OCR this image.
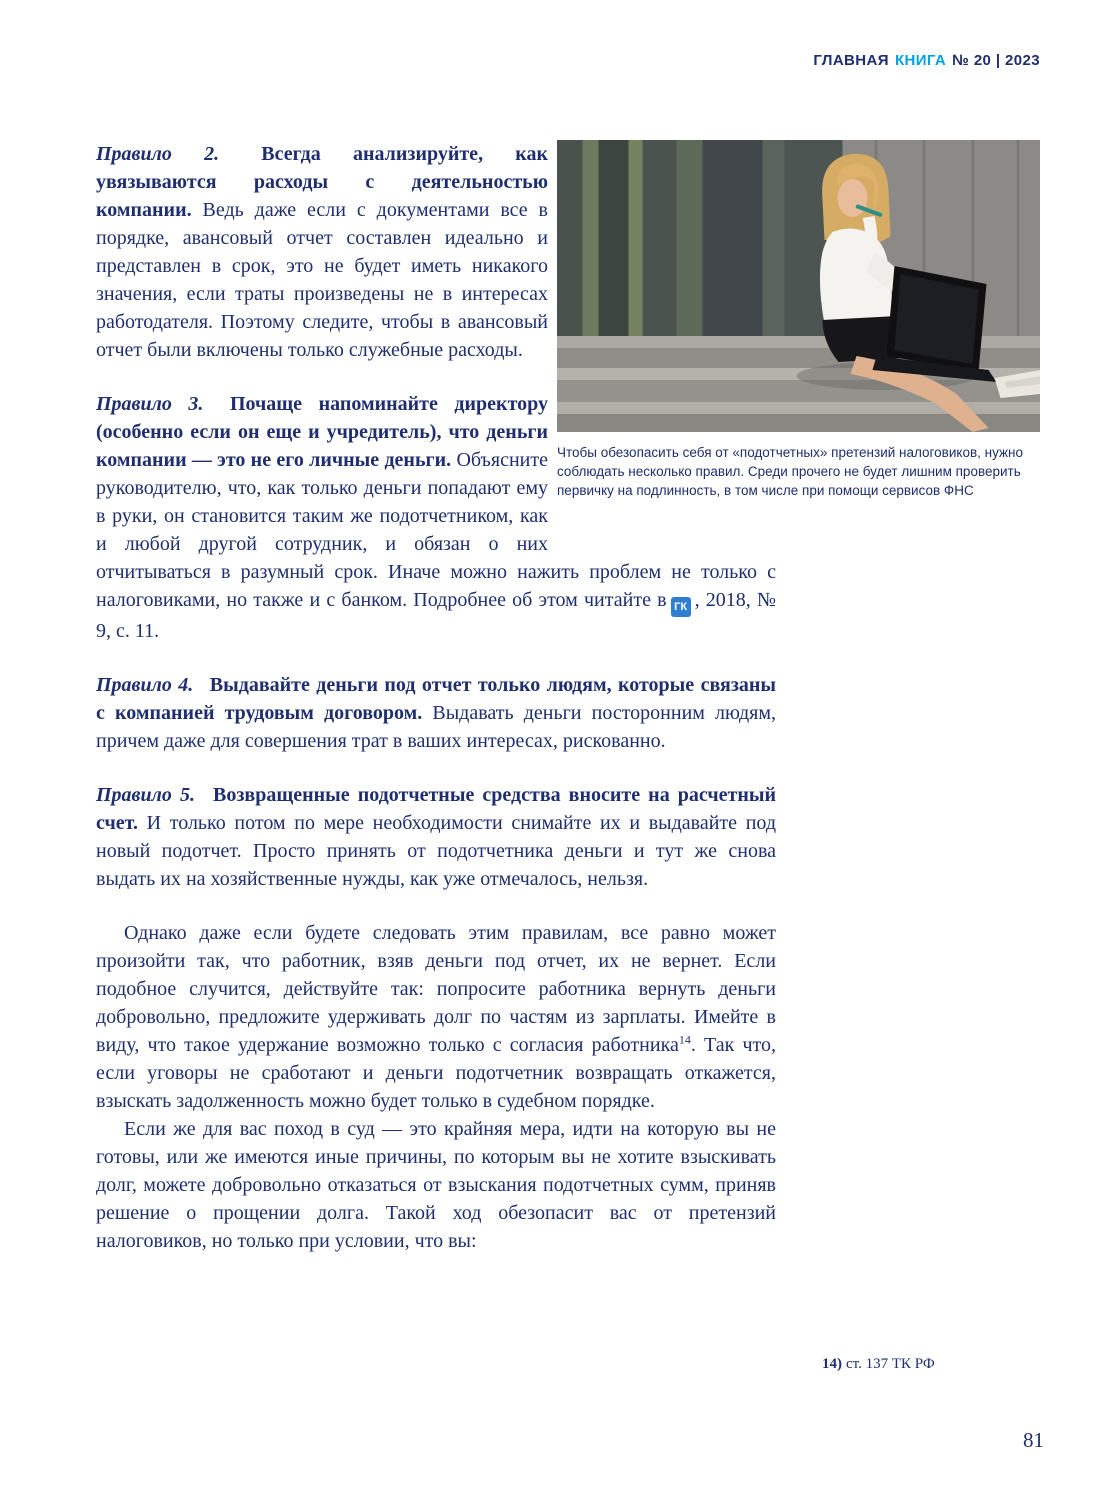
ГЛАВНАЯ КНИГА № 20 | 2023
Чтобы обезопасить себя от «подотчетных» претензий налоговиков, нужно соблюдать несколько правил. Среди прочего не будет лишним проверить первичку на подлинность, в том числе при помощи сервисов ФНС

Правило 2. Всегда анализируйте, как увязываются расходы с деятельностью компании. Ведь даже если с документами все в порядке, авансовый отчет составлен идеально и представлен в срок, это не будет иметь никакого значения, если траты произведены не в интересах работодателя. Поэтому следите, чтобы в авансовый отчет были включены только служебные расходы.

Правило 3. Почаще напоминайте директору (особенно если он еще и учредитель), что деньги компании — это не его личные деньги. Объясните руководителю, что, как только деньги попадают ему в руки, он становится таким же подотчетником, как и любой другой сотрудник, и обязан о них отчитываться в разумный срок. Иначе можно нажить проблем не только с налоговиками, но также и с банком. Подробнее об этом читайте в ГК , 2018, № 9, с. 11.

Правило 4. Выдавайте деньги под отчет только людям, которые связаны с компанией трудовым договором. Выдавать деньги посторонним людям, причем даже для совершения трат в ваших интересах, рискованно.

Правило 5. Возвращенные подотчетные средства вносите на расчетный счет. И только потом по мере необходимости снимайте их и выдавайте под новый подотчет. Просто принять от подотчетника деньги и тут же снова выдать их на хозяйственные нужды, как уже отмечалось, нельзя.

Однако даже если будете следовать этим правилам, все равно может произойти так, что работник, взяв деньги под отчет, их не вернет. Если подобное случится, действуйте так: попросите работника вернуть деньги добровольно, предложите удерживать долг по частям из зарплаты. Имейте в виду, что такое удержание возможно только с согласия работника$^{14}$. Так что, если уговоры не сработают и деньги подотчетник возвращать откажется, взыскать задолженность можно будет только в судебном порядке.

Если же для вас поход в суд — это крайняя мера, идти на которую вы не готовы, или же имеются иные причины, по которым вы не хотите взыскивать долг, можете добровольно отказаться от взыскания подотчетных сумм, приняв решение о прощении долга. Такой ход обезопасит вас от претензий налоговиков, но только при условии, что вы:

14) ст. 137 ТК РФ
81
